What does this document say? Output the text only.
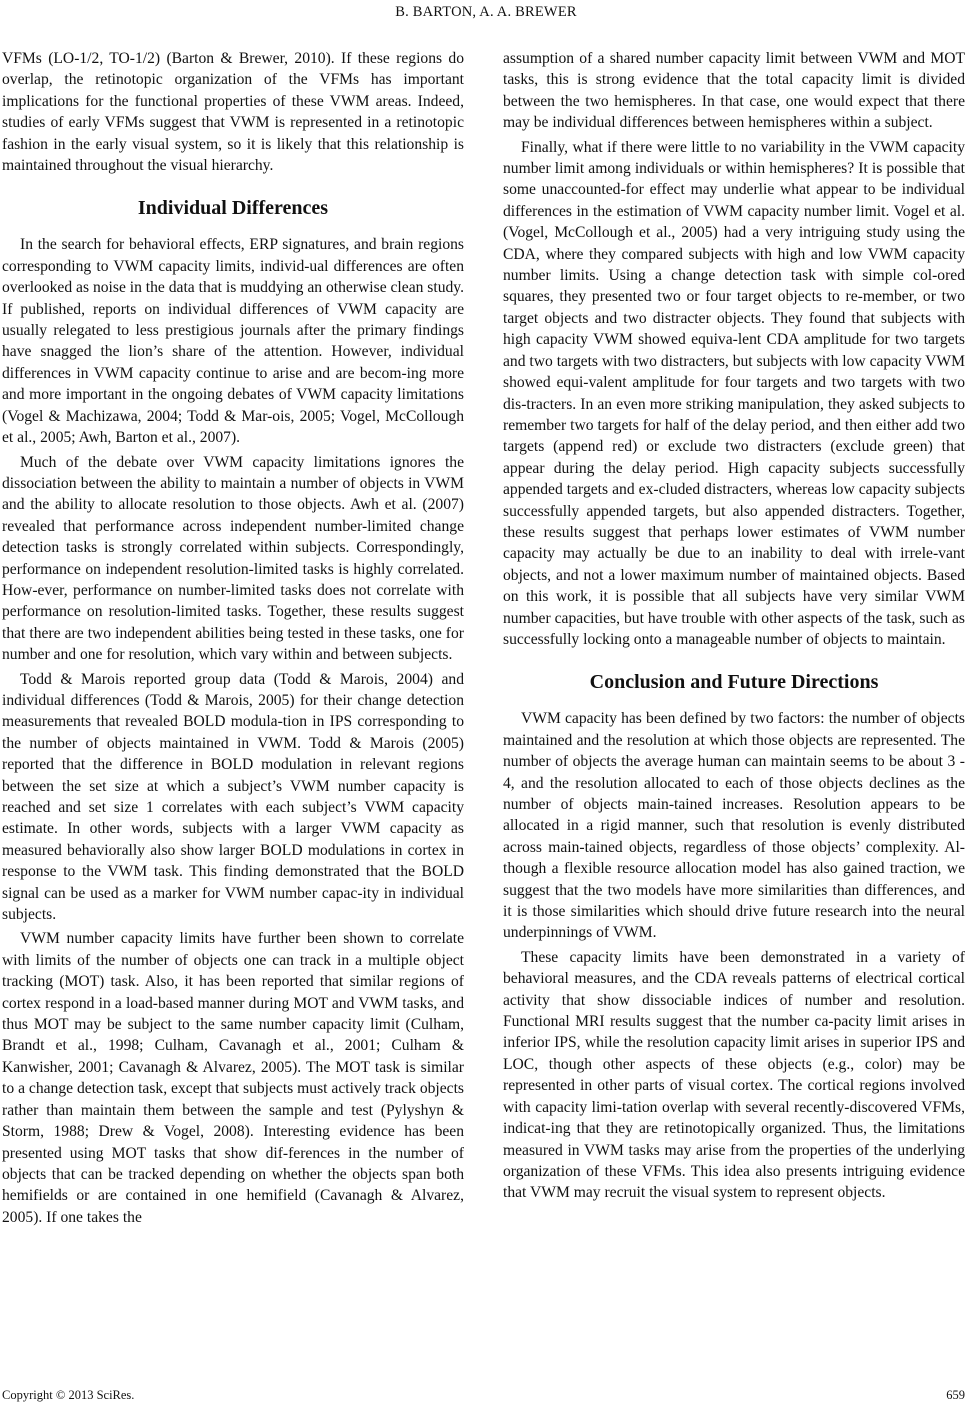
B. BARTON, A. A. BREWER

VFMs (LO-1/2, TO-1/2) (Barton & Brewer, 2010). If these regions do overlap, the retinotopic organization of the VFMs has important implications for the functional properties of these VWM areas. Indeed, studies of early VFMs suggest that VWM is represented in a retinotopic fashion in the early visual system, so it is likely that this relationship is maintained throughout the visual hierarchy.

Individual Differences

In the search for behavioral effects, ERP signatures, and brain regions corresponding to VWM capacity limits, individ-ual differences are often overlooked as noise in the data that is muddying an otherwise clean study. If published, reports on individual differences of VWM capacity are usually relegated to less prestigious journals after the primary findings have snagged the lion’s share of the attention. However, individual differences in VWM capacity continue to arise and are becom-ing more and more important in the ongoing debates of VWM capacity limitations (Vogel & Machizawa, 2004; Todd & Mar-ois, 2005; Vogel, McCollough et al., 2005; Awh, Barton et al., 2007).

Much of the debate over VWM capacity limitations ignores the dissociation between the ability to maintain a number of objects in VWM and the ability to allocate resolution to those objects. Awh et al. (2007) revealed that performance across independent number-limited change detection tasks is strongly correlated within subjects. Correspondingly, performance on independent resolution-limited tasks is highly correlated. How-ever, performance on number-limited tasks does not correlate with performance on resolution-limited tasks. Together, these results suggest that there are two independent abilities being tested in these tasks, one for number and one for resolution, which vary within and between subjects.

Todd & Marois reported group data (Todd & Marois, 2004) and individual differences (Todd & Marois, 2005) for their change detection measurements that revealed BOLD modula-tion in IPS corresponding to the number of objects maintained in VWM. Todd & Marois (2005) reported that the difference in BOLD modulation in relevant regions between the set size at which a subject’s VWM number capacity is reached and set size 1 correlates with each subject’s VWM capacity estimate. In other words, subjects with a larger VWM capacity as measured behaviorally also show larger BOLD modulations in cortex in response to the VWM task. This finding demonstrated that the BOLD signal can be used as a marker for VWM number capac-ity in individual subjects.

VWM number capacity limits have further been shown to correlate with limits of the number of objects one can track in a multiple object tracking (MOT) task. Also, it has been reported that similar regions of cortex respond in a load-based manner during MOT and VWM tasks, and thus MOT may be subject to the same number capacity limit (Culham, Brandt et al., 1998; Culham, Cavanagh et al., 2001; Culham & Kanwisher, 2001; Cavanagh & Alvarez, 2005). The MOT task is similar to a change detection task, except that subjects must actively track objects rather than maintain them between the sample and test (Pylyshyn & Storm, 1988; Drew & Vogel, 2008). Interesting evidence has been presented using MOT tasks that show dif-ferences in the number of objects that can be tracked depending on whether the objects span both hemifields or are contained in one hemifield (Cavanagh & Alvarez, 2005). If one takes the

assumption of a shared number capacity limit between VWM and MOT tasks, this is strong evidence that the total capacity limit is divided between the two hemispheres. In that case, one would expect that there may be individual differences between hemispheres within a subject.

Finally, what if there were little to no variability in the VWM capacity number limit among individuals or within hemispheres? It is possible that some unaccounted-for effect may underlie what appear to be individual differences in the estimation of VWM capacity number limit. Vogel et al. (Vogel, McCollough et al., 2005) had a very intriguing study using the CDA, where they compared subjects with high and low VWM capacity number limits. Using a change detection task with simple col-ored squares, they presented two or four target objects to re-member, or two target objects and two distracter objects. They found that subjects with high capacity VWM showed equiva-lent CDA amplitude for two targets and two targets with two distracters, but subjects with low capacity VWM showed equi-valent amplitude for four targets and two targets with two dis-tracters. In an even more striking manipulation, they asked subjects to remember two targets for half of the delay period, and then either add two targets (append red) or exclude two distracters (exclude green) that appear during the delay period. High capacity subjects successfully appended targets and ex-cluded distracters, whereas low capacity subjects successfully appended targets, but also appended distracters. Together, these results suggest that perhaps lower estimates of VWM number capacity may actually be due to an inability to deal with irrele-vant objects, and not a lower maximum number of maintained objects. Based on this work, it is possible that all subjects have very similar VWM number capacities, but have trouble with other aspects of the task, such as successfully locking onto a manageable number of objects to maintain.

Conclusion and Future Directions

VWM capacity has been defined by two factors: the number of objects maintained and the resolution at which those objects are represented. The number of objects the average human can maintain seems to be about 3 - 4, and the resolution allocated to each of those objects declines as the number of objects main-tained increases. Resolution appears to be allocated in a rigid manner, such that resolution is evenly distributed across main-tained objects, regardless of those objects’ complexity. Al-though a flexible resource allocation model has also gained traction, we suggest that the two models have more similarities than differences, and it is those similarities which should drive future research into the neural underpinnings of VWM.

These capacity limits have been demonstrated in a variety of behavioral measures, and the CDA reveals patterns of electrical cortical activity that show dissociable indices of number and resolution. Functional MRI results suggest that the number ca-pacity limit arises in inferior IPS, while the resolution capacity limit arises in superior IPS and LOC, though other aspects of these objects (e.g., color) may be represented in other parts of visual cortex. The cortical regions involved with capacity limi-tation overlap with several recently-discovered VFMs, indicat-ing that they are retinotopically organized. Thus, the limitations measured in VWM tasks may arise from the properties of the underlying organization of these VFMs. This idea also presents intriguing evidence that VWM may recruit the visual system to represent objects.

Copyright © 2013 SciRes.	659
